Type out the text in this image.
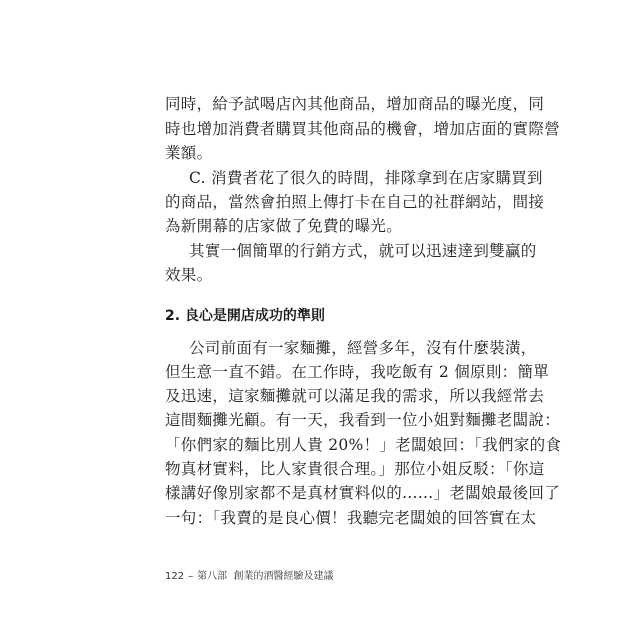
同時，給予試喝店內其他商品，增加商品的曝光度，同
時也增加消費者購買其他商品的機會，增加店面的實際營
業額。
C. 消費者花了很久的時間，排隊拿到在店家購買到
的商品，當然會拍照上傳打卡在自己的社群網站，間接
為新開幕的店家做了免費的曝光。
其實一個簡單的行銷方式，就可以迅速達到雙贏的
效果。
2. 良心是開店成功的準則
公司前面有一家麵攤，經營多年，沒有什麼裝潢，
但生意一直不錯。在工作時，我吃飯有 2 個原則：簡單
及迅速，這家麵攤就可以滿足我的需求，所以我經常去
這間麵攤光顧。有一天，我看到一位小姐對麵攤老闆說：
「你們家的麵比別人貴 20%！」老闆娘回：「我們家的食
物真材實料，比人家貴很合理。」那位小姐反駁：「你這
樣講好像別家都不是真材實料似的……」老闆娘最後回了
一句：「我賣的是良心價！我聽完老闆娘的回答實在太
122 – 第八部 創業的酒醫經驗及建議
